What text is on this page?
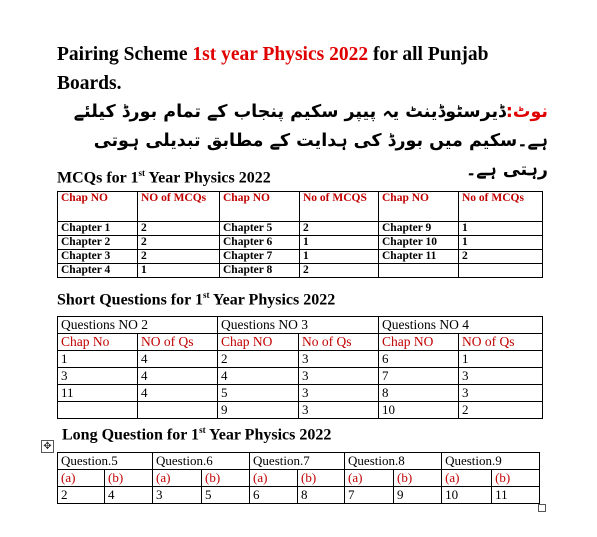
Pairing Scheme 1st year Physics 2022 for all Punjab Boards.
نوٹ:ڈیرسٹوڈینٹ یہ پیپر سکیم پنجاب کے تمام بورڈ کیلئے ہے۔سکیم میں بورڈ کی ہدایت کے مطابق تبدیلی ہوتی رہتی ہے۔
MCQs for 1st Year Physics 2022
Chap NO	NO of MCQs	Chap NO	No of MCQS	Chap NO	No of MCQs
Chapter 1	2	Chapter 5	2	Chapter 9	1
Chapter 2	2	Chapter 6	1	Chapter 10	1
Chapter 3	2	Chapter 7	1	Chapter 11	2
Chapter 4	1	Chapter 8	2		
Short Questions for 1st Year Physics 2022
Questions NO 2		Questions NO 3		Questions NO 4	
Chap No	NO of Qs	Chap NO	No of Qs	Chap NO	NO of Qs
1	4	2	3	6	1
3	4	4	3	7	3
11	4	5	3	8	3
		9	3	10	2
Long Question for 1st Year Physics 2022
✥
Question.5		Question.6		Question.7		Question.8		Question.9	
(a)	(b)	(a)	(b)	(a)	(b)	(a)	(b)	(a)	(b)
2	4	3	5	6	8	7	9	10	11
